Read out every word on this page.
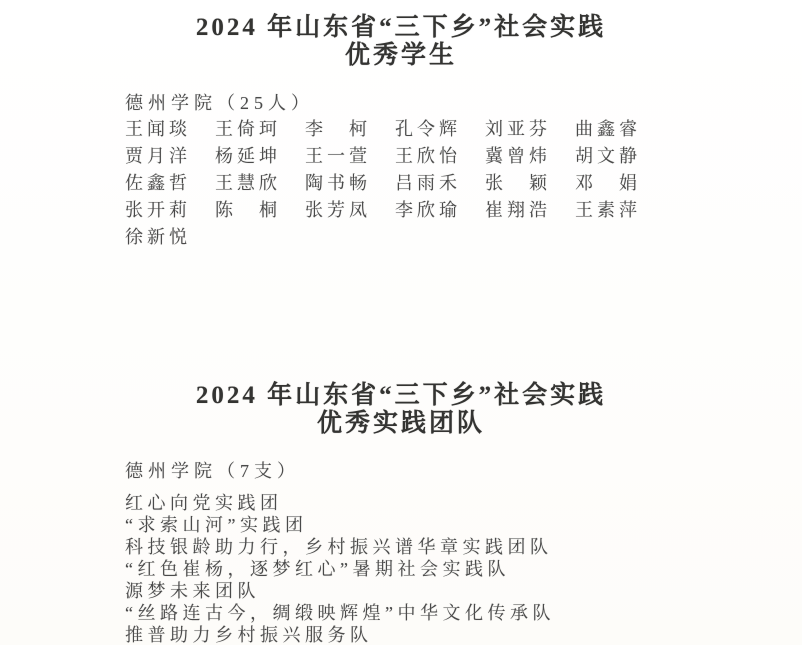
2024 年山东省“三下乡”社会实践
优秀学生
德州学院（25人）
王闻琰 王倚珂 李　柯 孔令辉 刘亚芬 曲鑫睿
贾月洋 杨延坤 王一萱 王欣怡 冀曾炜 胡文静
佐鑫哲 王慧欣 陶书畅 吕雨禾 张　颖 邓　娟
张开莉 陈　桐 张芳凤 李欣瑜 崔翔浩 王素萍
徐新悦
2024 年山东省“三下乡”社会实践
优秀实践团队
德州学院（7支）
红心向党实践团
“求索山河”实践团
科技银龄助力行，乡村振兴谱华章实践团队
“红色崔杨，逐梦红心”暑期社会实践队
源梦未来团队
“丝路连古今，绸缎映辉煌”中华文化传承队
推普助力乡村振兴服务队
